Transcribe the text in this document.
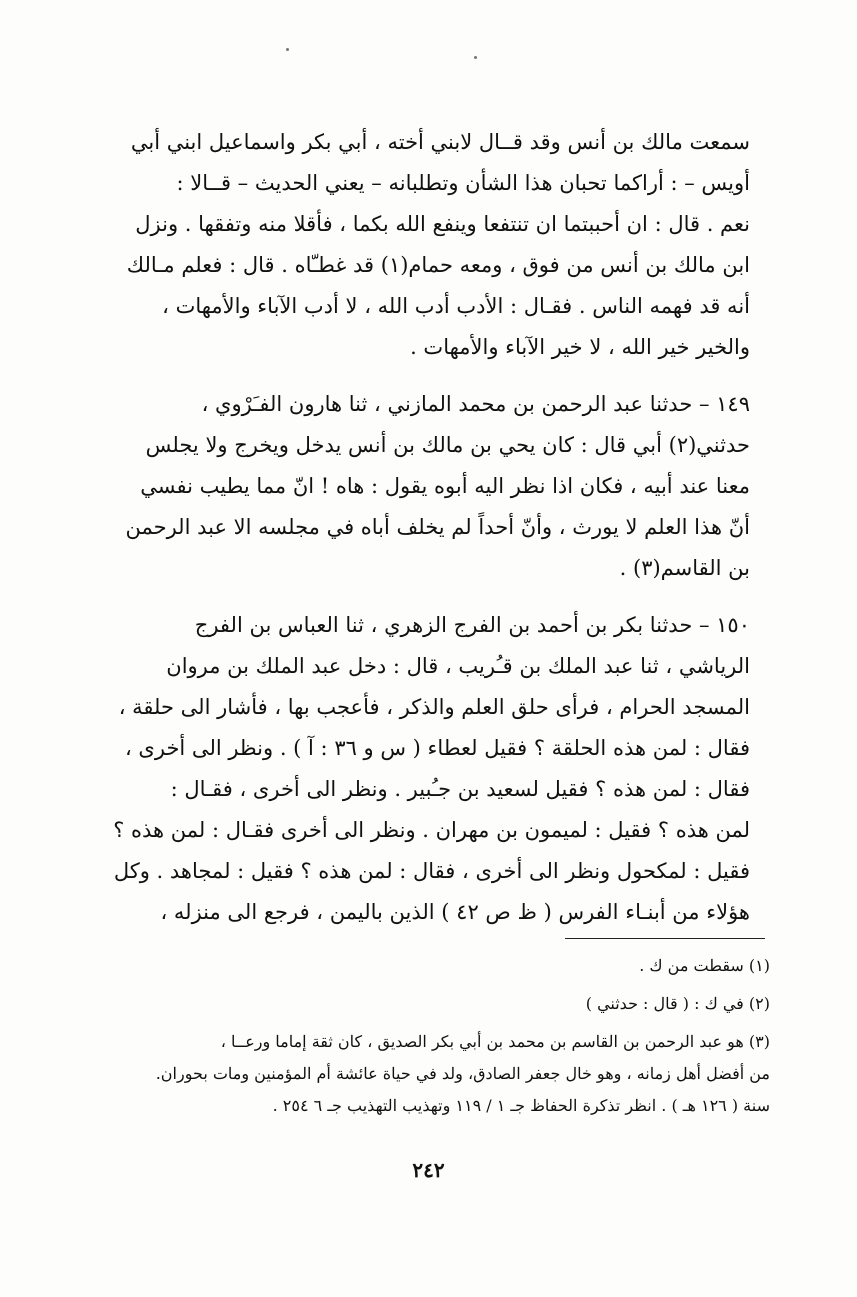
سمعت مالك بن أنس وقد قــال لابني أخته ، أبي بكر واسماعيل ابني أبي
أويس – : أراكما تحبان هذا الشأن وتطلبانه – يعني الحديث – قــالا :
نعم . قال : ان أحببتما ان تنتفعا وينفع الله بكما ، فأقلا منه وتفقها . ونزل
ابن مالك بن أنس من فوق ، ومعه حمام(١) قد غطـّاه . قال : فعلم مـالك
أنه قد فهمه الناس . فقـال : الأدب أدب الله ، لا أدب الآباء والأمهات ،
والخير خير الله ، لا خير الآباء والأمهات .

١٤٩ – حدثنا عبد الرحمن بن محمد المازني ، ثنا هارون الفـَرْوي ،
حدثني(٢) أبي قال : كان يحي بن مالك بن أنس يدخل ويخرج ولا يجلس
معنا عند أبيه ، فكان اذا نظر اليه أبوه يقول : هاه ! انّ مما يطيب نفسي
أنّ هذا العلم لا يورث ، وأنّ أحداً لم يخلف أباه في مجلسه الا عبد الرحمن
بن القاسم(٣) .

١٥٠ – حدثنا بكر بن أحمد بن الفرج الزهري ، ثنا العباس بن الفرج
الرياشي ، ثنا عبد الملك بن قـُريب ، قال : دخل عبد الملك بن مروان
المسجد الحرام ، فرأى حلق العلم والذكر ، فأعجب بها ، فأشار الى حلقة ،
فقال : لمن هذه الحلقة ؟ فقيل لعطاء ( س و ٣٦ : آ ) . ونظر الى أخرى ،
فقال : لمن هذه ؟ فقيل لسعيد بن جـُبير . ونظر الى أخرى ، فقـال :
لمن هذه ؟ فقيل : لميمون بن مهران . ونظر الى أخرى فقـال : لمن هذه ؟
فقيل : لمكحول ونظر الى أخرى ، فقال : لمن هذه ؟ فقيل : لمجاهد . وكل
هؤلاء من أبنـاء الفرس ( ظ ص ٤٢ ) الذين باليمن ، فرجع الى منزله ،

(١) سقطت من ك .

(٢) في ك : ( قال : حدثني )

(٣) هو عبد الرحمن بن القاسم بن محمد بن أبي بكر الصديق ، كان ثقة إماما ورعــا ،
من أفضل أهل زمانه ، وهو خال جعفر الصادق، ولد في حياة عائشة أم المؤمنين ومات بحوران.
سنة ( ١٢٦ هـ ) . انظر تذكرة الحفاظ جـ ١ / ١١٩ وتهذيب التهذيب جـ ٦ ٢٥٤ .

٢٤٢
